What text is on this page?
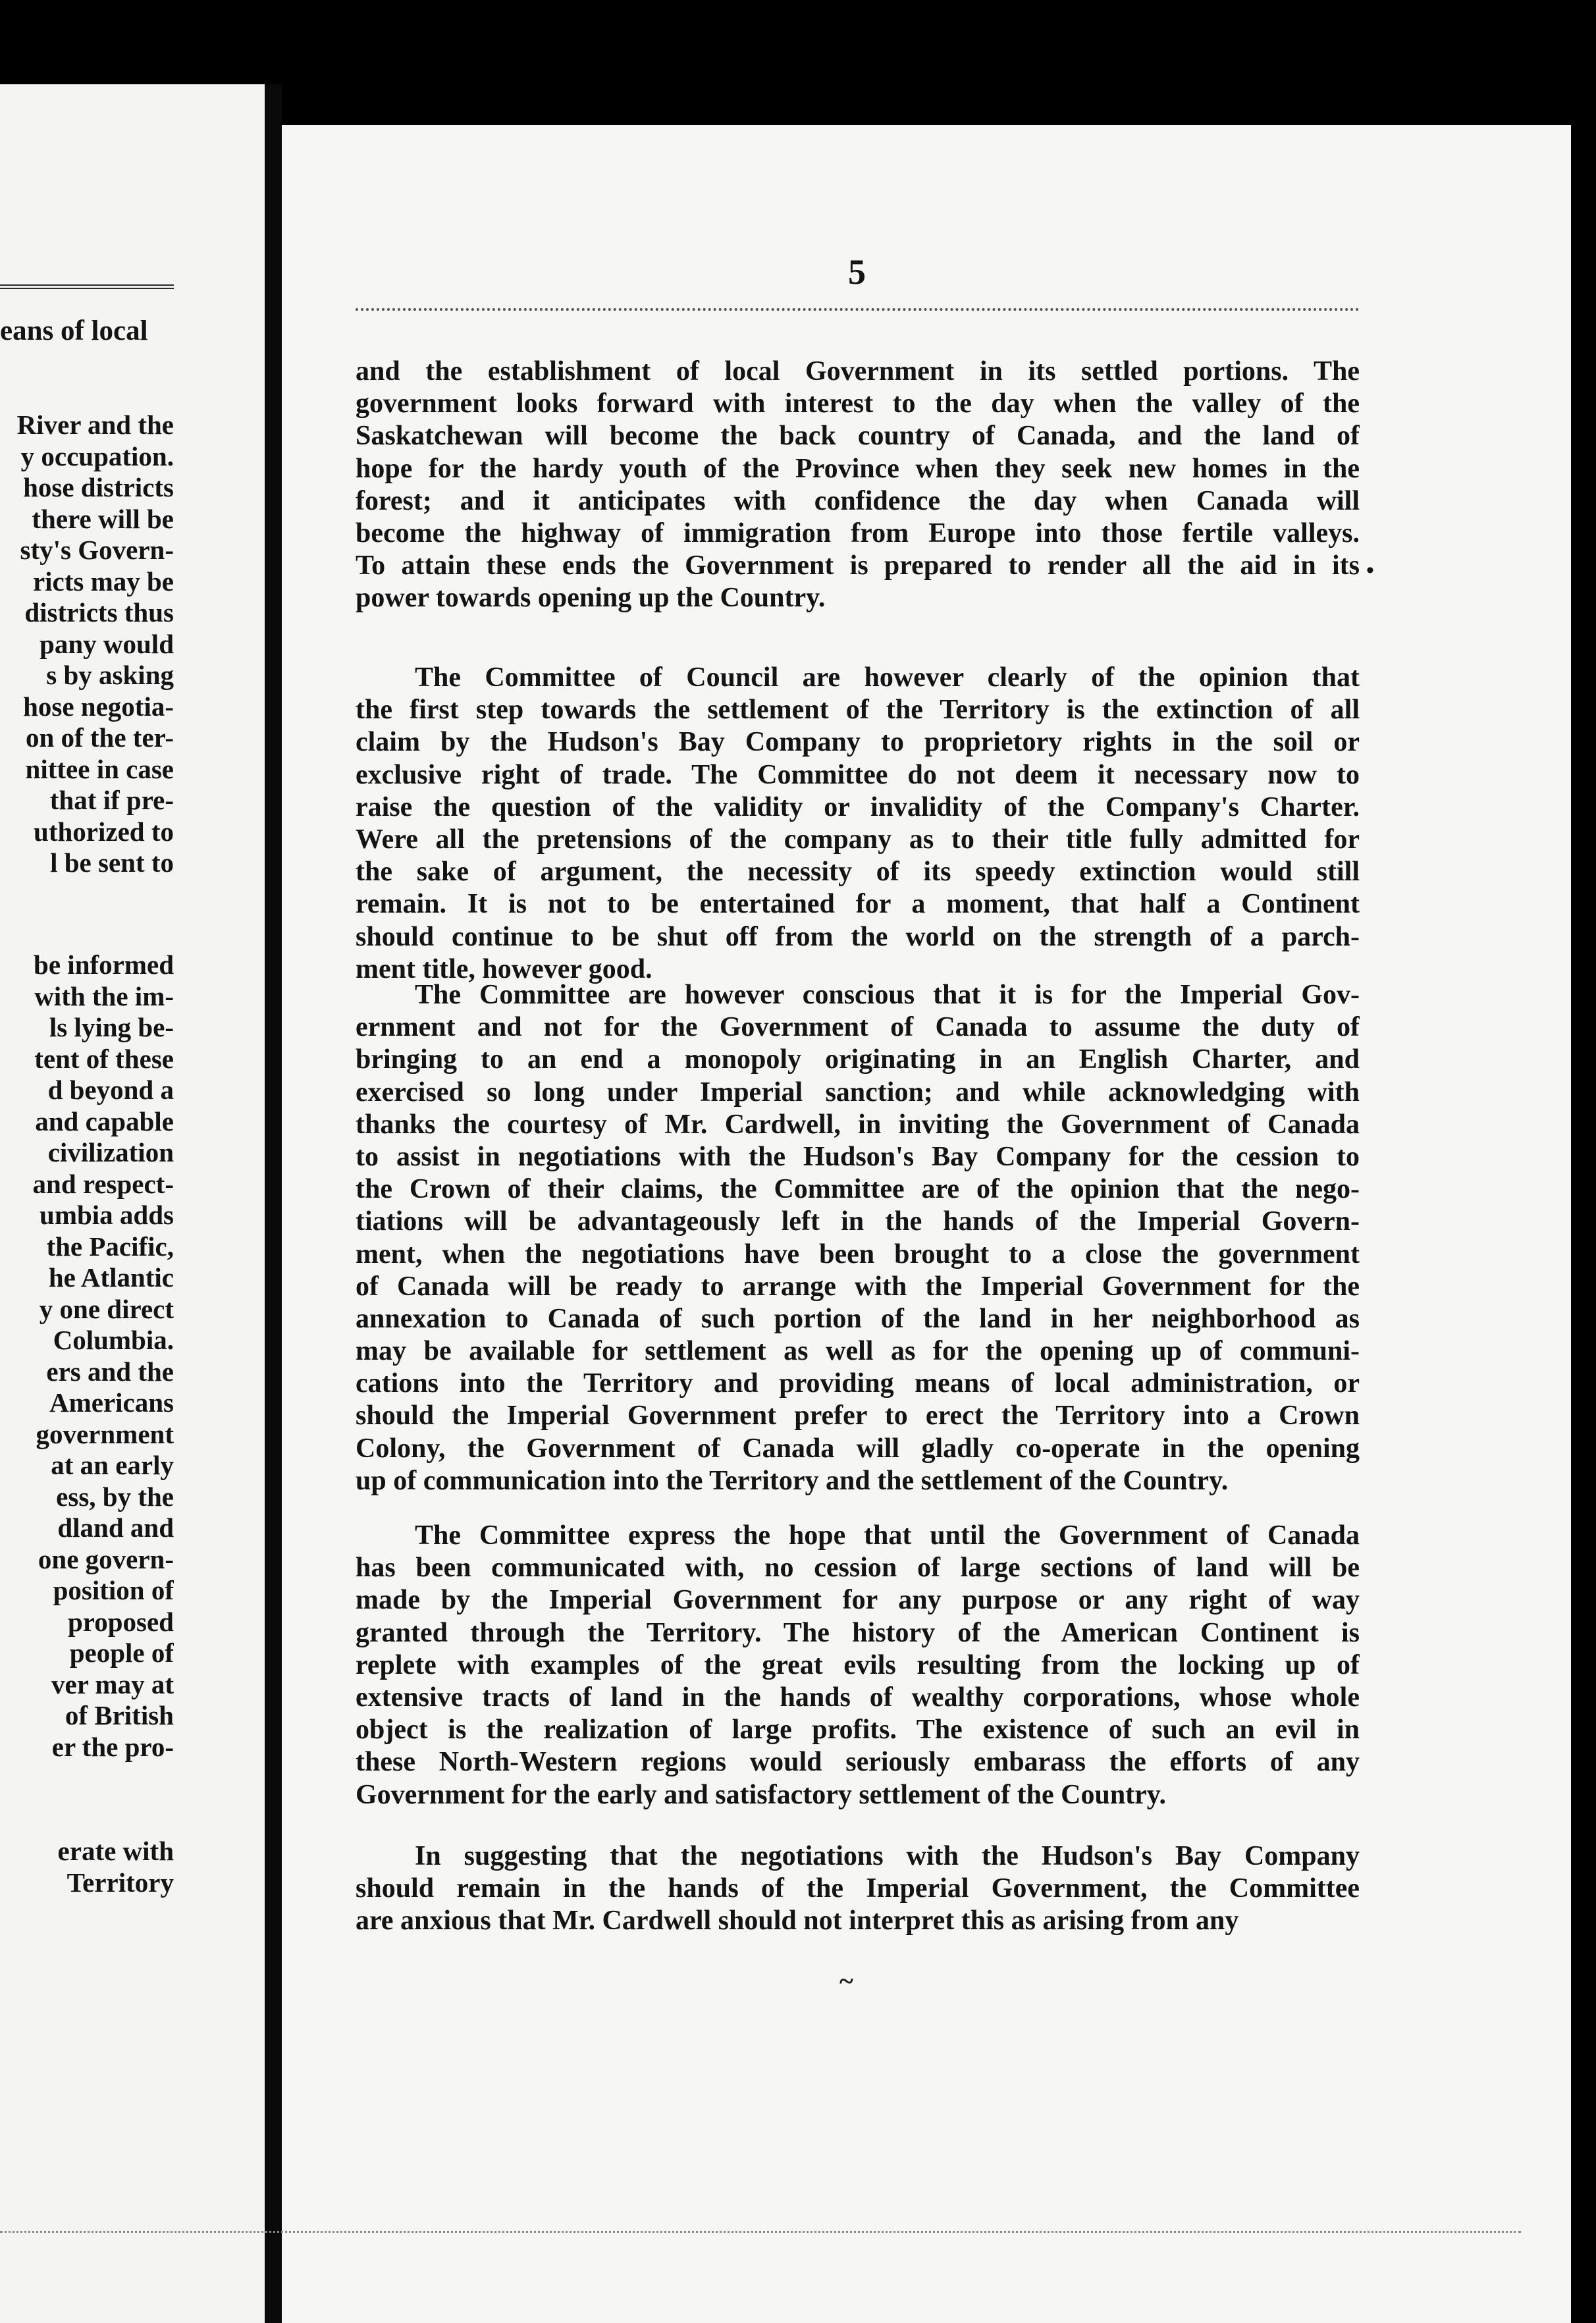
eans of local
River and the
y occupation.
hose districts
there will be
sty's Govern-
ricts may be
districts thus
pany would
s by asking
hose negotia-
on of the ter-
nittee in case
that if pre-
uthorized to
l be sent to
be informed
with the im-
ls lying be-
tent of these
d beyond a
and capable
civilization
and respect-
umbia adds
the Pacific,
he Atlantic
y one direct
Columbia.
ers and the
Americans
government
at an early
ess, by the
dland and
one govern-
position of
proposed
people of
ver may at
of British
er the pro-
erate with
Territory
5
and the establishment of local Government in its settled portions. The
government looks forward with interest to the day when the valley of the
Saskatchewan will become the back country of Canada, and the land of
hope for the hardy youth of the Province when they seek new homes in the
forest; and it anticipates with confidence the day when Canada will
become the highway of immigration from Europe into those fertile valleys.
To attain these ends the Government is prepared to render all the aid in its
power towards opening up the Country.
The Committee of Council are however clearly of the opinion that
the first step towards the settlement of the Territory is the extinction of all
claim by the Hudson's Bay Company to proprietory rights in the soil or
exclusive right of trade. The Committee do not deem it necessary now to
raise the question of the validity or invalidity of the Company's Charter.
Were all the pretensions of the company as to their title fully admitted for
the sake of argument, the necessity of its speedy extinction would still
remain. It is not to be entertained for a moment, that half a Continent
should continue to be shut off from the world on the strength of a parch-
ment title, however good.
The Committee are however conscious that it is for the Imperial Gov-
ernment and not for the Government of Canada to assume the duty of
bringing to an end a monopoly originating in an English Charter, and
exercised so long under Imperial sanction; and while acknowledging with
thanks the courtesy of Mr. Cardwell, in inviting the Government of Canada
to assist in negotiations with the Hudson's Bay Company for the cession to
the Crown of their claims, the Committee are of the opinion that the nego-
tiations will be advantageously left in the hands of the Imperial Govern-
ment, when the negotiations have been brought to a close the government
of Canada will be ready to arrange with the Imperial Government for the
annexation to Canada of such portion of the land in her neighborhood as
may be available for settlement as well as for the opening up of communi-
cations into the Territory and providing means of local administration, or
should the Imperial Government prefer to erect the Territory into a Crown
Colony, the Government of Canada will gladly co-operate in the opening
up of communication into the Territory and the settlement of the Country.
The Committee express the hope that until the Government of Canada
has been communicated with, no cession of large sections of land will be
made by the Imperial Government for any purpose or any right of way
granted through the Territory. The history of the American Continent is
replete with examples of the great evils resulting from the locking up of
extensive tracts of land in the hands of wealthy corporations, whose whole
object is the realization of large profits. The existence of such an evil in
these North-Western regions would seriously embarass the efforts of any
Government for the early and satisfactory settlement of the Country.
In suggesting that the negotiations with the Hudson's Bay Company
should remain in the hands of the Imperial Government, the Committee
are anxious that Mr. Cardwell should not interpret this as arising from any
•
~
